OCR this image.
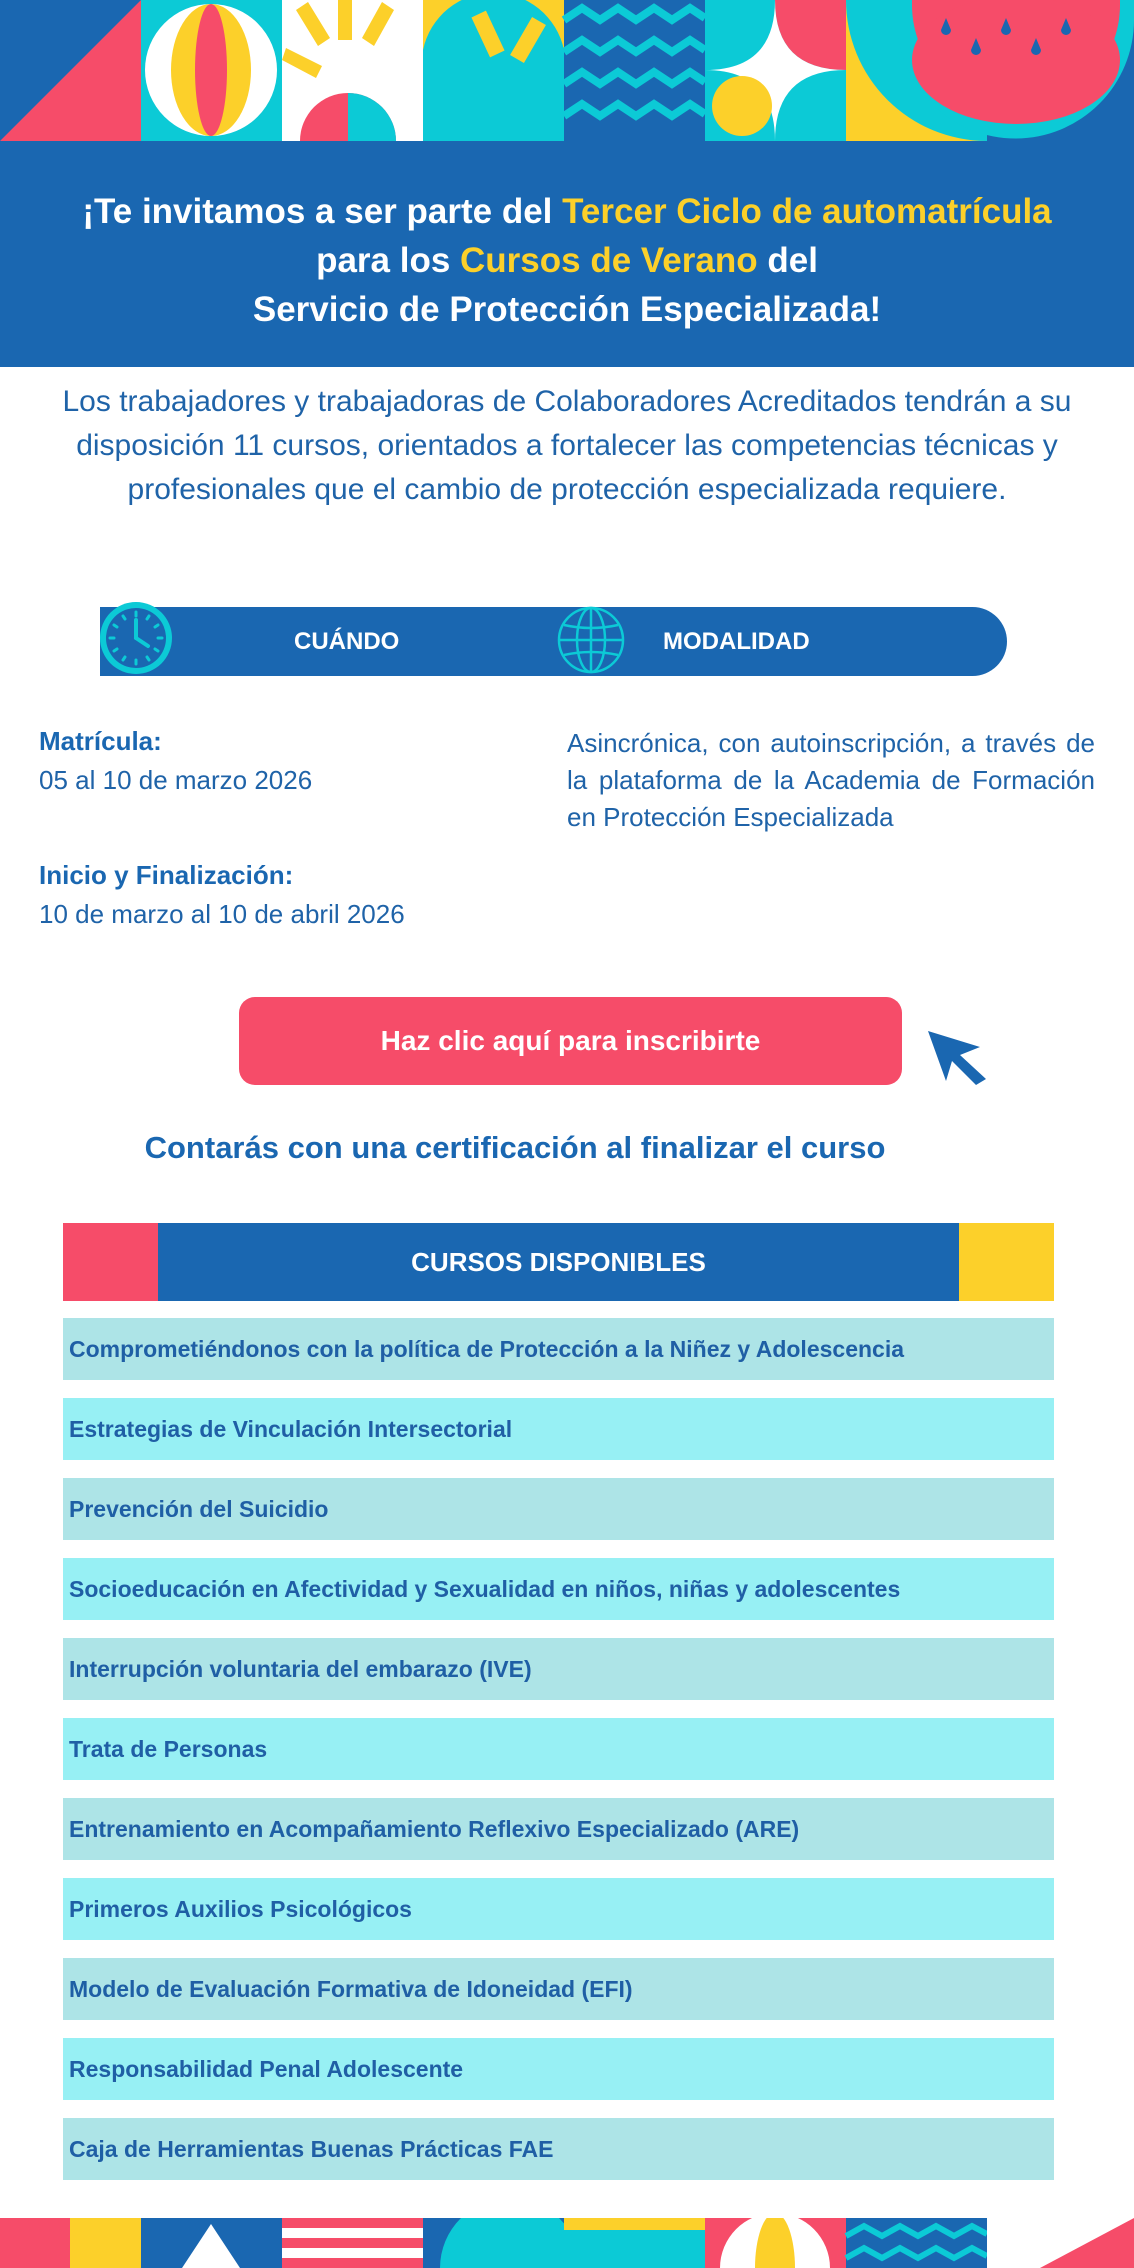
¡Te invitamos a ser parte del Tercer Ciclo de automatrícula
para los Cursos de Verano del
Servicio de Protección Especializada!
Los trabajadores y trabajadoras de Colaboradores Acreditados tendrán a su disposición 11 cursos, orientados a fortalecer las competencias técnicas y profesionales que el cambio de protección especializada requiere.
CUÁNDO	MODALIDAD
Matrícula:
05 al 10 de marzo 2026
Inicio y Finalización:
10 de marzo al 10 de abril 2026
Asincrónica, con autoinscripción, a través de la plataforma de la Academia de Formación en Protección Especializada
Haz clic aquí para inscribirte
Contarás con una certificación al finalizar el curso
CURSOS DISPONIBLES
Comprometiéndonos con la política de Protección a la Niñez y Adolescencia
Estrategias de Vinculación Intersectorial
Prevención del Suicidio
Socioeducación en Afectividad y Sexualidad en niños, niñas y adolescentes
Interrupción voluntaria del embarazo (IVE)
Trata de Personas
Entrenamiento en Acompañamiento Reflexivo Especializado (ARE)
Primeros Auxilios Psicológicos
Modelo de Evaluación Formativa de Idoneidad (EFI)
Responsabilidad Penal Adolescente
Caja de Herramientas Buenas Prácticas FAE
